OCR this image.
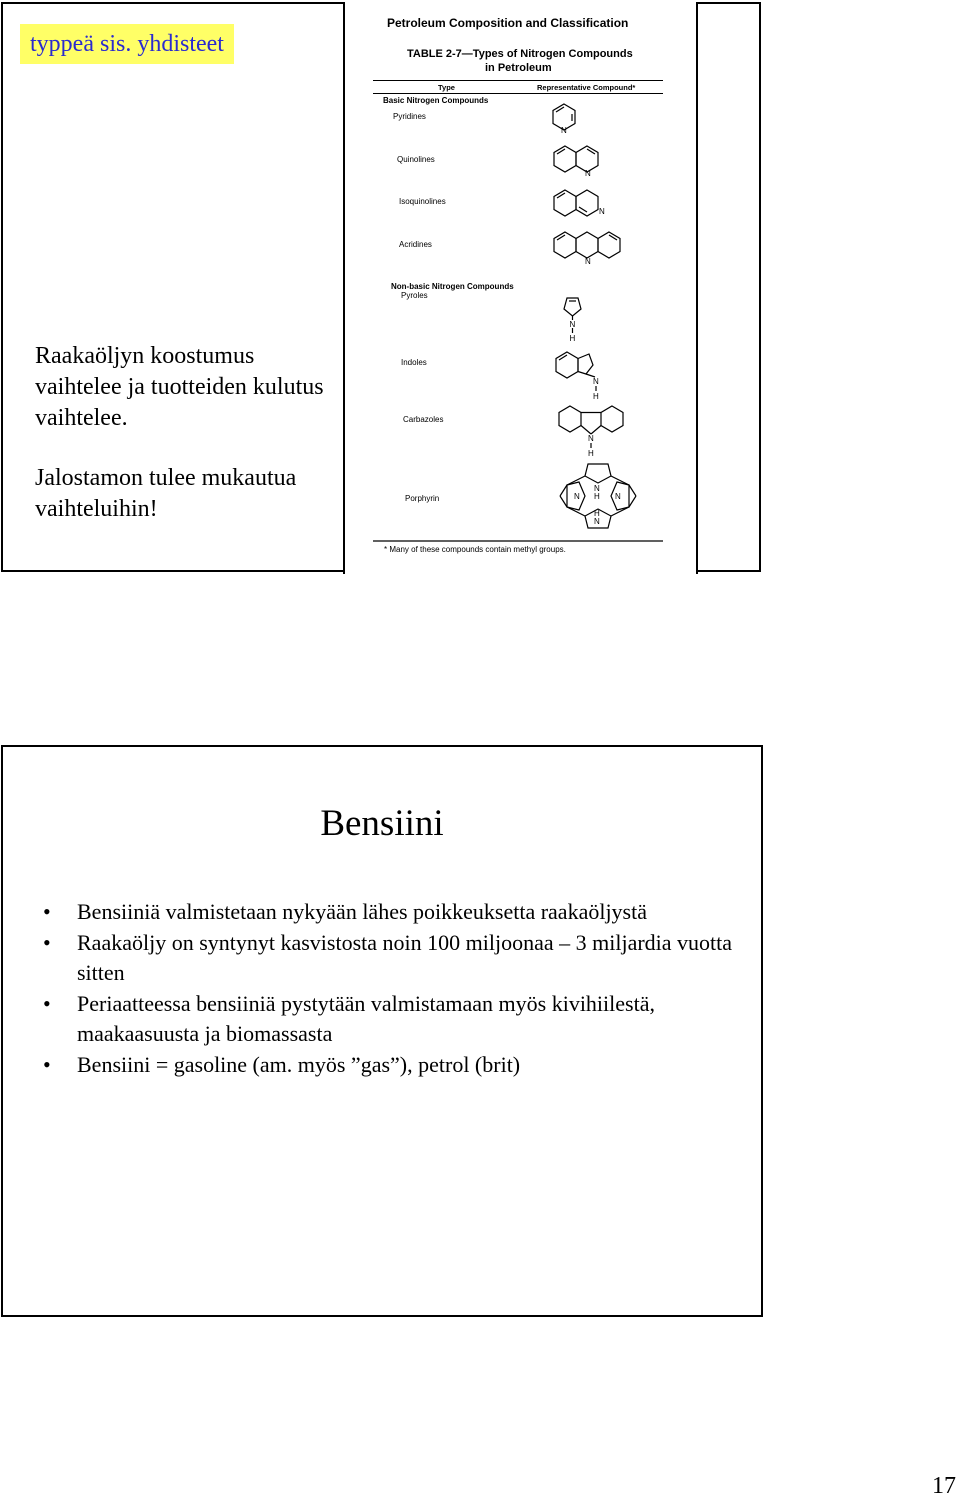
typpeä sis. yhdisteet

Raakaöljyn koostumus vaihtelee ja tuotteiden kulutus vaihtelee.

Jalostamon tulee mukautua vaihteluihin!

Petroleum Composition and Classification
TABLE 2-7—Types of Nitrogen Compounds
in Petroleum
Type	Representative Compound*
Basic Nitrogen Compounds
Pyridines
Quinolines
Isoquinolines
Acridines
Non-basic Nitrogen Compounds
Pyroles
Indoles
Carbazoles
Porphyrin
N
N
N
N
N
H
N
H
N
H
N
H
H
N
N	N
* Many of these compounds contain methyl groups.
Bensiini
• Bensiiniä valmistetaan nykyään lähes poikkeuksetta raakaöljystä
• Raakaöljy on syntynyt kasvistosta noin 100 miljoonaa – 3 miljardia vuotta sitten
• Periaatteessa bensiiniä pystytään valmistamaan myös kivihiilestä, maakaasuusta ja biomassasta
• Bensiini = gasoline (am. myös ”gas”), petrol (brit)
17
